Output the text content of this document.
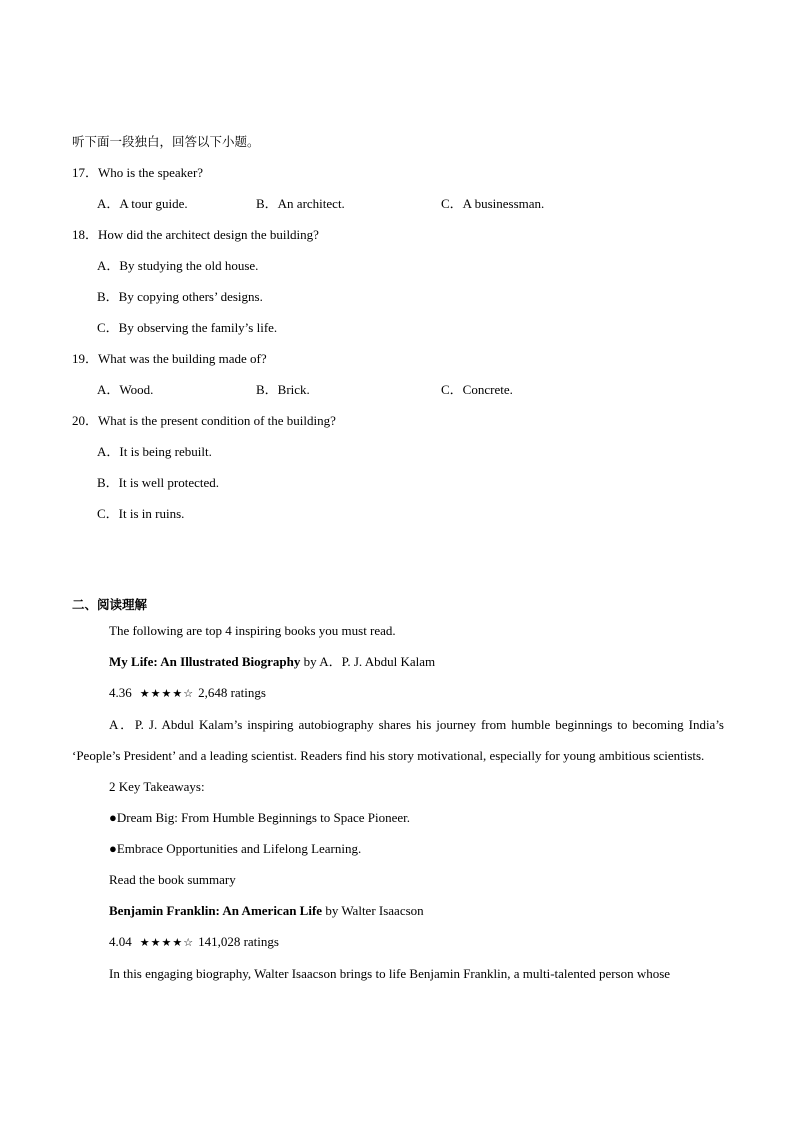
听下面一段独白，回答以下小题。
17．Who is the speaker?
A．A tour guide.	B．An architect.	C．A businessman.
18．How did the architect design the building?
A．By studying the old house.
B．By copying others’ designs.
C．By observing the family’s life.
19．What was the building made of?
A．Wood.	B．Brick.	C．Concrete.
20．What is the present condition of the building?
A．It is being rebuilt.
B．It is well protected.
C．It is in ruins.
二、阅读理解
The following are top 4 inspiring books you must read.
My Life: An Illustrated Biography by A．P. J. Abdul Kalam
4.36 ★★★★☆ 2,648 ratings
A．P. J. Abdul Kalam’s inspiring autobiography shares his journey from humble beginnings to becoming India’s ‘People’s President’ and a leading scientist. Readers find his story motivational, especially for young ambitious scientists.
2 Key Takeaways:
●Dream Big: From Humble Beginnings to Space Pioneer.
●Embrace Opportunities and Lifelong Learning.
Read the book summary
Benjamin Franklin: An American Life by Walter Isaacson
4.04 ★★★★☆ 141,028 ratings
In this engaging biography, Walter Isaacson brings to life Benjamin Franklin, a multi-talented person whose
